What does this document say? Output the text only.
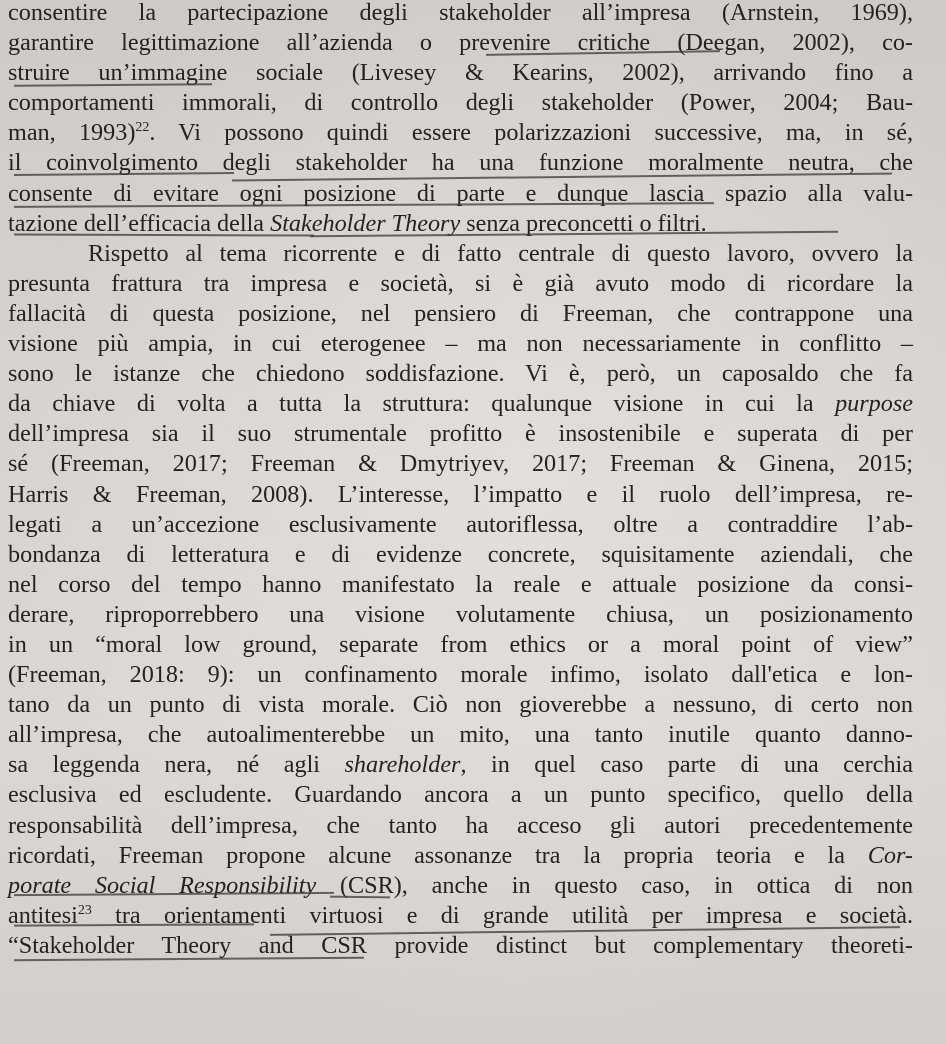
consentire la partecipazione degli stakeholder all’impresa (Arnstein, 1969),
garantire legittimazione all’azienda o prevenire critiche (Deegan, 2002), co-
struire un’immagine sociale (Livesey & Kearins, 2002), arrivando fino a
comportamenti immorali, di controllo degli stakeholder (Power, 2004; Bau-
man, 1993)$^{22}$. Vi possono quindi essere polarizzazioni successive, ma, in sé,
il coinvolgimento degli stakeholder ha una funzione moralmente neutra, che
consente di evitare ogni posizione di parte e dunque lascia spazio alla valu-
tazione dell’efficacia della Stakeholder Theory senza preconcetti o filtri.
Rispetto al tema ricorrente e di fatto centrale di questo lavoro, ovvero la
presunta frattura tra impresa e società, si è già avuto modo di ricordare la
fallacità di questa posizione, nel pensiero di Freeman, che contrappone una
visione più ampia, in cui eterogenee – ma non necessariamente in conflitto –
sono le istanze che chiedono soddisfazione. Vi è, però, un caposaldo che fa
da chiave di volta a tutta la struttura: qualunque visione in cui la purpose
dell’impresa sia il suo strumentale profitto è insostenibile e superata di per
sé (Freeman, 2017; Freeman & Dmytriyev, 2017; Freeman & Ginena, 2015;
Harris & Freeman, 2008). L’interesse, l’impatto e il ruolo dell’impresa, re-
legati a un’accezione esclusivamente autoriflessa, oltre a contraddire l’ab-
bondanza di letteratura e di evidenze concrete, squisitamente aziendali, che
nel corso del tempo hanno manifestato la reale e attuale posizione da consi-
derare, riproporrebbero una visione volutamente chiusa, un posizionamento
in un “moral low ground, separate from ethics or a moral point of view”
(Freeman, 2018: 9): un confinamento morale infimo, isolato dall'etica e lon-
tano da un punto di vista morale. Ciò non gioverebbe a nessuno, di certo non
all’impresa, che autoalimenterebbe un mito, una tanto inutile quanto danno-
sa leggenda nera, né agli shareholder, in quel caso parte di una cerchia
esclusiva ed escludente. Guardando ancora a un punto specifico, quello della
responsabilità dell’impresa, che tanto ha acceso gli autori precedentemente
ricordati, Freeman propone alcune assonanze tra la propria teoria e la Cor-
porate Social Responsibility (CSR), anche in questo caso, in ottica di non
antitesi$^{23}$ tra orientamenti virtuosi e di grande utilità per impresa e società.
“Stakeholder Theory and CSR provide distinct but complementary theoreti-
